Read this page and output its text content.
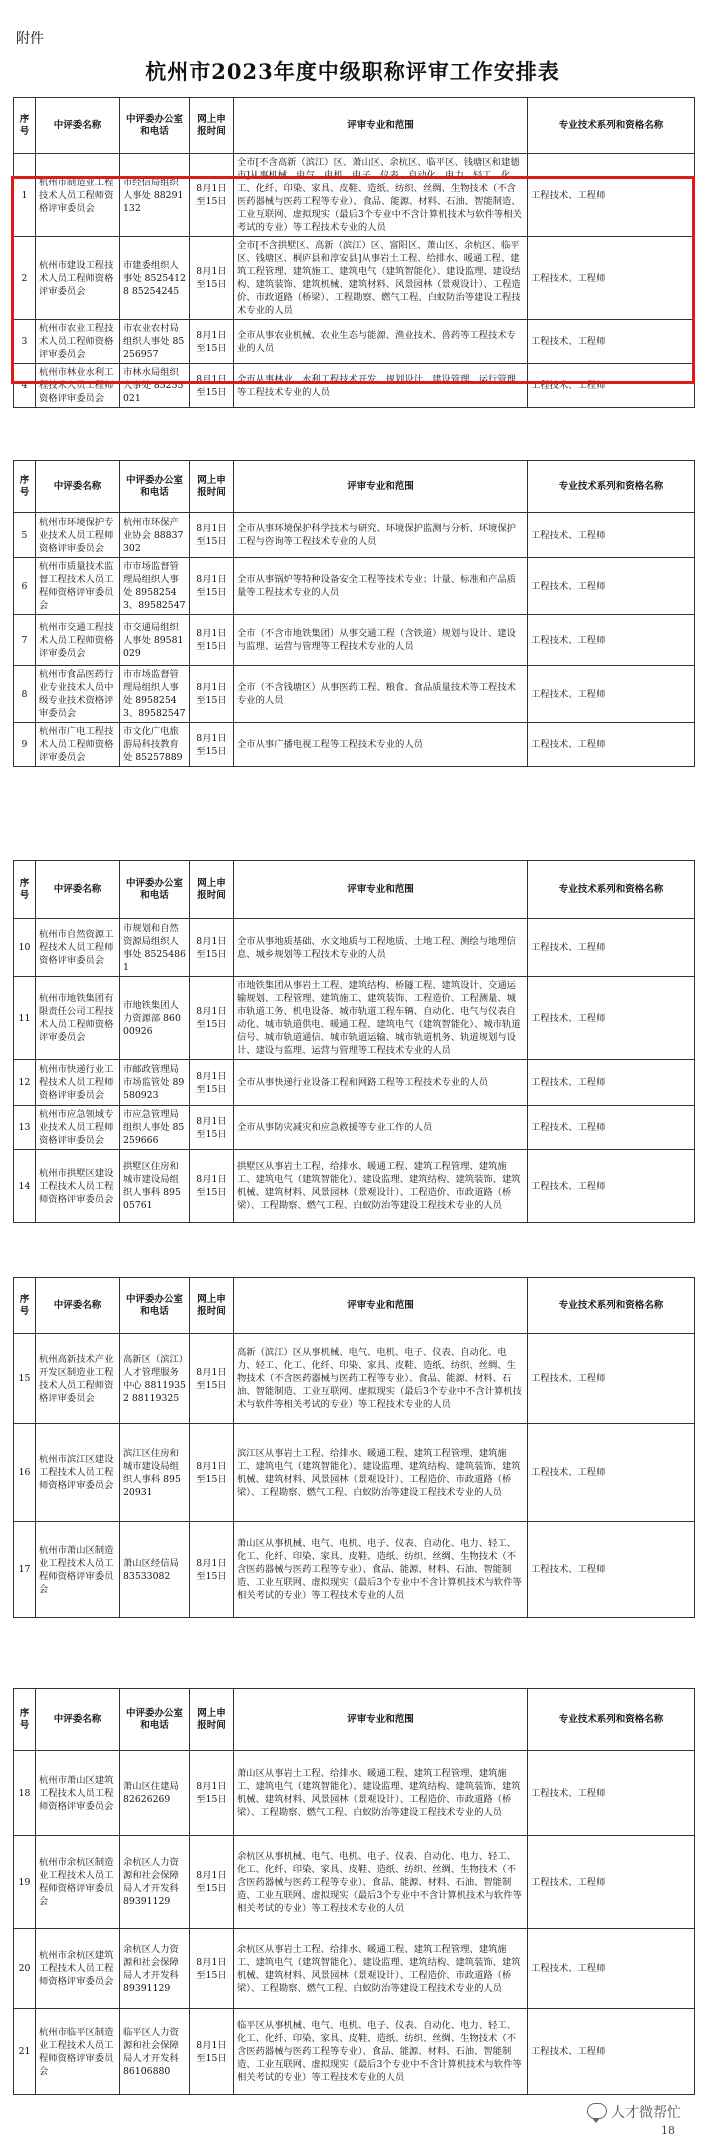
附件
杭州市2023年度中级职称评审工作安排表
序号	中评委名称	中评委办公室和电话	网上申报时间	评审专业和范围	专业技术系列和资格名称
1	杭州市制造业工程技术人员工程师资格评审委员会	市经信局组织人事处 88291132	8月1日至15日	全市[不含高新（滨江）区、萧山区、余杭区、临平区、钱塘区和建德市]从事机械、电气、电机、电子、仪表、自动化、电力、轻工、化工、化纤、印染、家具、皮鞋、造纸、纺织、丝绸、生物技术（不含医药器械与医药工程等专业）、食品、能源、材料、石油、智能制造、工业互联网、虚拟现实（最后3个专业中不含计算机技术与软件等相关考试的专业）等工程技术专业的人员	工程技术、工程师
2	杭州市建设工程技术人员工程师资格评审委员会	市建委组织人事处 85254128 85254245	8月1日至15日	全市[不含拱墅区、高新（滨江）区、富阳区、萧山区、余杭区、临平区、钱塘区、桐庐县和淳安县]从事岩土工程、给排水、暖通工程、建筑工程管理、建筑施工、建筑电气（建筑智能化）、建设监理、建设结构、建筑装饰、建筑机械、建筑材料、风景园林（景观设计）、工程造价、市政道路（桥梁）、工程勘察、燃气工程、白蚁防治等建设工程技术专业的人员	工程技术、工程师
3	杭州市农业工程技术人员工程师资格评审委员会	市农业农村局组织人事处 85256957	8月1日至15日	全市从事农业机械、农业生态与能源、渔业技术、兽药等工程技术专业的人员	工程技术、工程师
4	杭州市林业水利工程技术人员工程师资格评审委员会	市林水局组织人事处 85255021	8月1日至15日	全市从事林业、水利工程技术开发、规划设计、建设管理、运行管理等工程技术专业的人员	工程技术、工程师
序号	中评委名称	中评委办公室和电话	网上申报时间	评审专业和范围	专业技术系列和资格名称
5	杭州市环境保护专业技术人员工程师资格评审委员会	杭州市环保产业协会 88837302	8月1日至15日	全市从事环境保护科学技术与研究、环境保护监测与分析、环境保护工程与咨询等工程技术专业的人员	工程技术、工程师
6	杭州市质量技术监督工程技术人员工程师资格评审委员会	市市场监督管理局组织人事处 89582543、89582547	8月1日至15日	全市从事锅炉等特种设备安全工程等技术专业；计量、标准和产品质量等工程技术专业的人员	工程技术、工程师
7	杭州市交通工程技术人员工程师资格评审委员会	市交通局组织人事处 89581029	8月1日至15日	全市（不含市地铁集团）从事交通工程（含铁道）规划与设计、建设与监理、运营与管理等工程技术专业的人员	工程技术、工程师
8	杭州市食品医药行业专业技术人员中级专业技术资格评审委员会	市市场监督管理局组织人事处 89582543、89582547	8月1日至15日	全市（不含钱塘区）从事医药工程、粮食、食品质量技术等工程技术专业的人员	工程技术、工程师
9	杭州市广电工程技术人员工程师资格评审委员会	市文化广电旅游局科技教育处 85257889	8月1日至15日	全市从事广播电视工程等工程技术专业的人员	工程技术、工程师
序号	中评委名称	中评委办公室和电话	网上申报时间	评审专业和范围	专业技术系列和资格名称
10	杭州市自然资源工程技术人员工程师资格评审委员会	市规划和自然资源局组织人事处 85254861	8月1日至15日	全市从事地质基础、水文地质与工程地质、土地工程、测绘与地理信息、城乡规划等工程技术专业的人员	工程技术、工程师
11	杭州市地铁集团有限责任公司工程技术人员工程师资格评审委员会	市地铁集团人力资源部 86000926	8月1日至15日	市地铁集团从事岩土工程、建筑结构、桥隧工程、建筑设计、交通运输规划、工程管理、建筑施工、建筑装饰、工程造价、工程测量、城市轨道工务、机电设备、城市轨道工程车辆、自动化、电气与仪表自动化、城市轨道供电、暖通工程、建筑电气（建筑智能化）、城市轨道信号、城市轨道通信、城市轨道运输、城市轨道机务、轨道规划与设计、建设与监理、运营与管理等工程技术专业的人员	工程技术、工程师
12	杭州市快递行业工程技术人员工程师资格评审委员会	市邮政管理局市场监管处 89580923	8月1日至15日	全市从事快递行业设备工程和网路工程等工程技术专业的人员	工程技术、工程师
13	杭州市应急领域专业技术人员工程师资格评审委员会	市应急管理局组织人事处 85259666	8月1日至15日	全市从事防灾减灾和应急救援等专业工作的人员	工程技术、工程师
14	杭州市拱墅区建设工程技术人员工程师资格评审委员会	拱墅区住房和城市建设局组织人事科 89505761	8月1日至15日	拱墅区从事岩土工程、给排水、暖通工程、建筑工程管理、建筑施工、建筑电气（建筑智能化）、建设监理、建筑结构、建筑装饰、建筑机械、建筑材料、风景园林（景观设计）、工程造价、市政道路（桥梁）、工程勘察、燃气工程、白蚁防治等建设工程技术专业的人员	工程技术、工程师
序号	中评委名称	中评委办公室和电话	网上申报时间	评审专业和范围	专业技术系列和资格名称
15	杭州高新技术产业开发区制造业工程技术人员工程师资格评审委员会	高新区（滨江）人才管理服务中心 88119352 88119325	8月1日至15日	高新（滨江）区从事机械、电气、电机、电子、仪表、自动化、电力、轻工、化工、化纤、印染、家具、皮鞋、造纸、纺织、丝绸、生物技术（不含医药器械与医药工程等专业）、食品、能源、材料、石油、智能制造、工业互联网、虚拟现实（最后3个专业中不含计算机技术与软件等相关考试的专业）等工程技术专业的人员	工程技术、工程师
16	杭州市滨江区建设工程技术人员工程师资格评审委员会	滨江区住房和城市建设局组织人事科 89520931	8月1日至15日	滨江区从事岩土工程、给排水、暖通工程、建筑工程管理、建筑施工、建筑电气（建筑智能化）、建设监理、建筑结构、建筑装饰、建筑机械、建筑材料、风景园林（景观设计）、工程造价、市政道路（桥梁）、工程勘察、燃气工程、白蚁防治等建设工程技术专业的人员	工程技术、工程师
17	杭州市萧山区制造业工程技术人员工程师资格评审委员会	萧山区经信局 83533082	8月1日至15日	萧山区从事机械、电气、电机、电子、仪表、自动化、电力、轻工、化工、化纤、印染、家具、皮鞋、造纸、纺织、丝绸、生物技术（不含医药器械与医药工程等专业）、食品、能源、材料、石油、智能制造、工业互联网、虚拟现实（最后3个专业中不含计算机技术与软件等相关考试的专业）等工程技术专业的人员	工程技术、工程师
序号	中评委名称	中评委办公室和电话	网上申报时间	评审专业和范围	专业技术系列和资格名称
18	杭州市萧山区建筑工程技术人员工程师资格评审委员会	萧山区住建局 82626269	8月1日至15日	萧山区从事岩土工程、给排水、暖通工程、建筑工程管理、建筑施工、建筑电气（建筑智能化）、建设监理、建筑结构、建筑装饰、建筑机械、建筑材料、风景园林（景观设计）、工程造价、市政道路（桥梁）、工程勘察、燃气工程、白蚁防治等建设工程技术专业的人员	工程技术、工程师
19	杭州市余杭区制造业工程技术人员工程师资格评审委员会	余杭区人力资源和社会保障局人才开发科 89391129	8月1日至15日	余杭区从事机械、电气、电机、电子、仪表、自动化、电力、轻工、化工、化纤、印染、家具、皮鞋、造纸、纺织、丝绸、生物技术（不含医药器械与医药工程等专业）、食品、能源、材料、石油、智能制造、工业互联网、虚拟现实（最后3个专业中不含计算机技术与软件等相关考试的专业）等工程技术专业的人员	工程技术、工程师
20	杭州市余杭区建筑工程技术人员工程师资格评审委员会	余杭区人力资源和社会保障局人才开发科 89391129	8月1日至15日	余杭区从事岩土工程、给排水、暖通工程、建筑工程管理、建筑施工、建筑电气（建筑智能化）、建设监理、建筑结构、建筑装饰、建筑机械、建筑材料、风景园林（景观设计）、工程造价、市政道路（桥梁）、工程勘察、燃气工程、白蚁防治等建设工程技术专业的人员	工程技术、工程师
21	杭州市临平区制造业工程技术人员工程师资格评审委员会	临平区人力资源和社会保障局人才开发科 86106880	8月1日至15日	临平区从事机械、电气、电机、电子、仪表、自动化、电力、轻工、化工、化纤、印染、家具、皮鞋、造纸、纺织、丝绸、生物技术（不含医药器械与医药工程等专业）、食品、能源、材料、石油、智能制造、工业互联网、虚拟现实（最后3个专业中不含计算机技术与软件等相关考试的专业）等工程技术专业的人员	工程技术、工程师
人才微帮忙
18
